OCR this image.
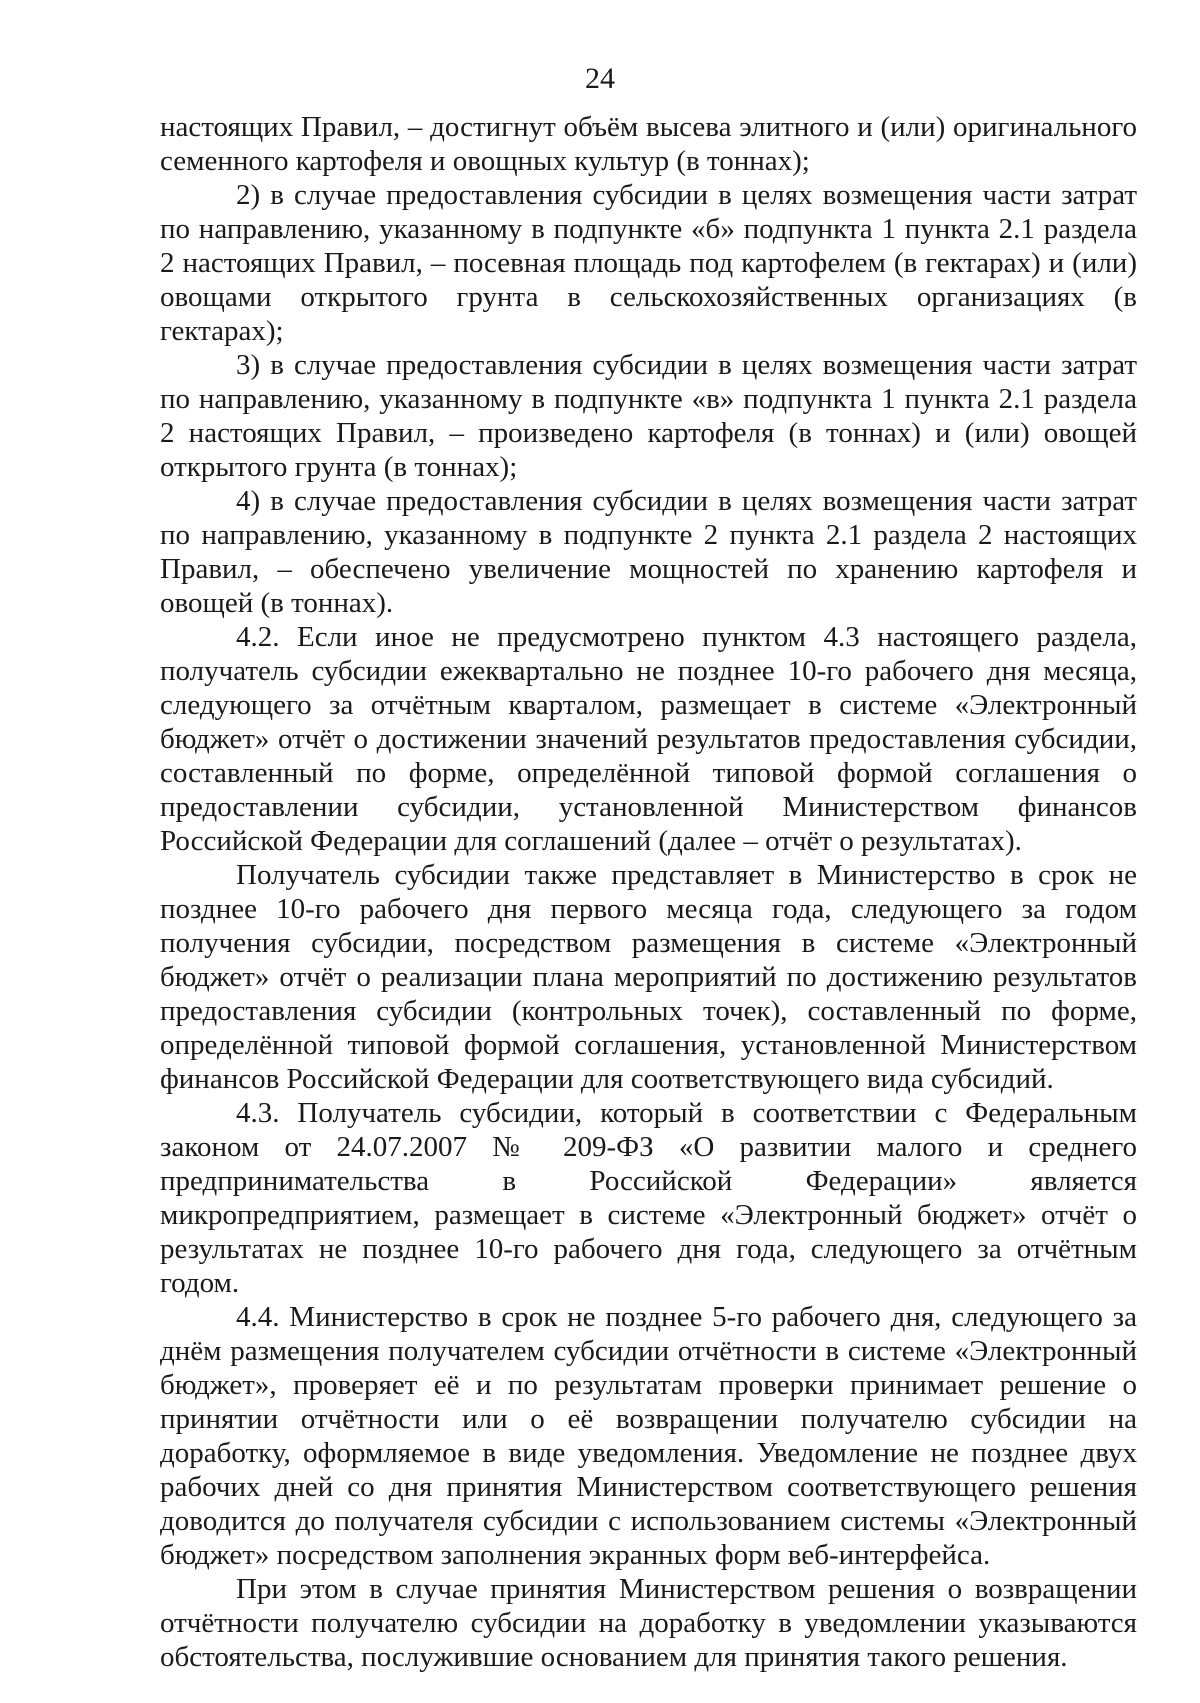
24

настоящих Правил, – достигнут объём высева элитного и (или) оригинального семенного картофеля и овощных культур (в тоннах);

2) в случае предоставления субсидии в целях возмещения части затрат по направлению, указанному в подпункте «б» подпункта 1 пункта 2.1 раздела 2 настоящих Правил, – посевная площадь под картофелем (в гектарах) и (или) овощами открытого грунта в сельскохозяйственных организациях (в гектарах);

3) в случае предоставления субсидии в целях возмещения части затрат по направлению, указанному в подпункте «в» подпункта 1 пункта 2.1 раздела 2 настоящих Правил, – произведено картофеля (в тоннах) и (или) овощей открытого грунта (в тоннах);

4) в случае предоставления субсидии в целях возмещения части затрат по направлению, указанному в подпункте 2 пункта 2.1 раздела 2 настоящих Правил, – обеспечено увеличение мощностей по хранению картофеля и овощей (в тоннах).

4.2. Если иное не предусмотрено пунктом 4.3 настоящего раздела, получатель субсидии ежеквартально не позднее 10-го рабочего дня месяца, следующего за отчётным кварталом, размещает в системе «Электронный бюджет» отчёт о достижении значений результатов предоставления субсидии, составленный по форме, определённой типовой формой соглашения о предоставлении субсидии, установленной Министерством финансов Российской Федерации для соглашений (далее – отчёт о результатах).

Получатель субсидии также представляет в Министерство в срок не позднее 10-го рабочего дня первого месяца года, следующего за годом получения субсидии, посредством размещения в системе «Электронный бюджет» отчёт о реализации плана мероприятий по достижению результатов предоставления субсидии (контрольных точек), составленный по форме, определённой типовой формой соглашения, установленной Министерством финансов Российской Федерации для соответствующего вида субсидий.

4.3. Получатель субсидии, который в соответствии с Федеральным законом от 24.07.2007 № 209-ФЗ «О развитии малого и среднего предпринимательства в Российской Федерации» является микропредприятием, размещает в системе «Электронный бюджет» отчёт о результатах не позднее 10-го рабочего дня года, следующего за отчётным годом.

4.4. Министерство в срок не позднее 5-го рабочего дня, следующего за днём размещения получателем субсидии отчётности в системе «Электронный бюджет», проверяет её и по результатам проверки принимает решение о принятии отчётности или о её возвращении получателю субсидии на доработку, оформляемое в виде уведомления. Уведомление не позднее двух рабочих дней со дня принятия Министерством соответствующего решения доводится до получателя субсидии с использованием системы «Электронный бюджет» посредством заполнения экранных форм веб-интерфейса.

При этом в случае принятия Министерством решения о возвращении отчётности получателю субсидии на доработку в уведомлении указываются обстоятельства, послужившие основанием для принятия такого решения.
